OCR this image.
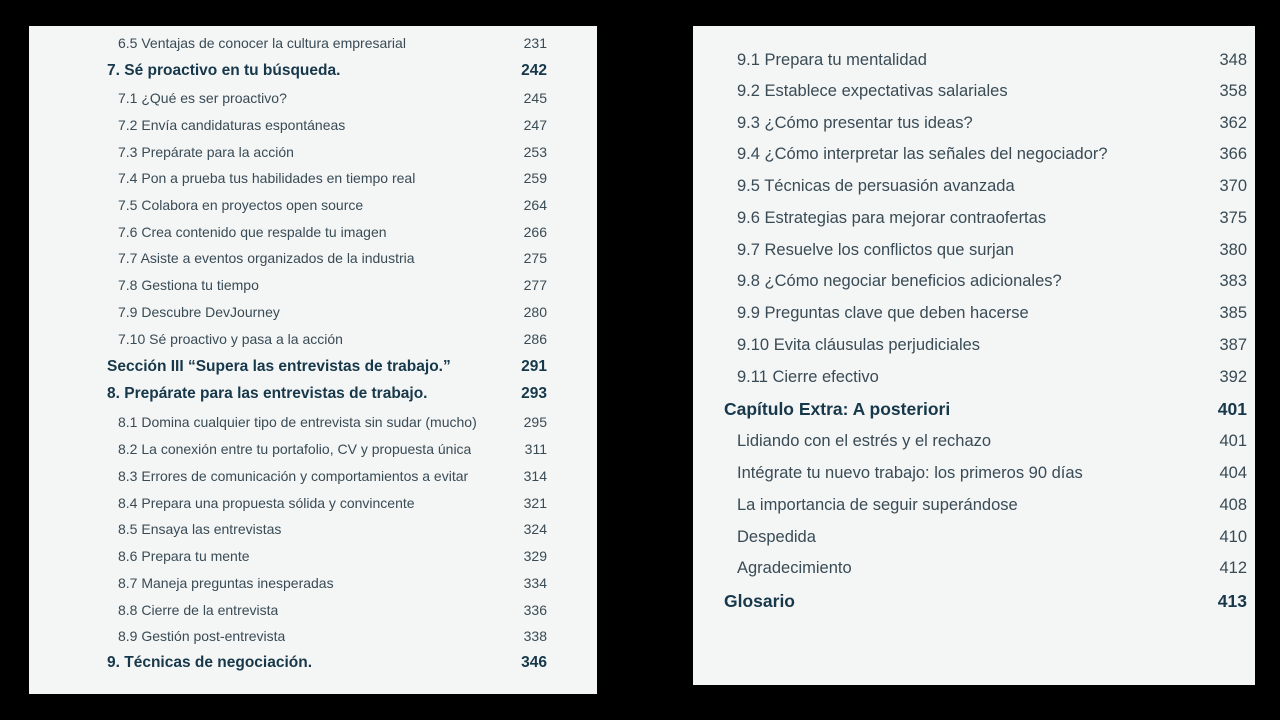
6.5 Ventajas de conocer la cultura empresarial	231
7. Sé proactivo en tu búsqueda.	242
7.1 ¿Qué es ser proactivo?	245
7.2 Envía candidaturas espontáneas	247
7.3 Prepárate para la acción	253
7.4 Pon a prueba tus habilidades en tiempo real	259
7.5 Colabora en proyectos open source	264
7.6 Crea contenido que respalde tu imagen	266
7.7 Asiste a eventos organizados de la industria	275
7.8 Gestiona tu tiempo	277
7.9 Descubre DevJourney	280
7.10 Sé proactivo y pasa a la acción	286
Sección III “Supera las entrevistas de trabajo.”	291
8. Prepárate para las entrevistas de trabajo.	293
8.1 Domina cualquier tipo de entrevista sin sudar (mucho)	295
8.2 La conexión entre tu portafolio, CV y propuesta única	311
8.3 Errores de comunicación y comportamientos a evitar	314
8.4 Prepara una propuesta sólida y convincente	321
8.5 Ensaya las entrevistas	324
8.6 Prepara tu mente	329
8.7 Maneja preguntas inesperadas	334
8.8 Cierre de la entrevista	336
8.9 Gestión post-entrevista	338
9. Técnicas de negociación.	346
9.1 Prepara tu mentalidad	348
9.2 Establece expectativas salariales	358
9.3 ¿Cómo presentar tus ideas?	362
9.4 ¿Cómo interpretar las señales del negociador?	366
9.5 Técnicas de persuasión avanzada	370
9.6 Estrategias para mejorar contraofertas	375
9.7 Resuelve los conflictos que surjan	380
9.8 ¿Cómo negociar beneficios adicionales?	383
9.9 Preguntas clave que deben hacerse	385
9.10 Evita cláusulas perjudiciales	387
9.11 Cierre efectivo	392
Capítulo Extra: A posteriori	401
Lidiando con el estrés y el rechazo	401
Intégrate tu nuevo trabajo: los primeros 90 días	404
La importancia de seguir superándose	408
Despedida	410
Agradecimiento	412
Glosario	413
